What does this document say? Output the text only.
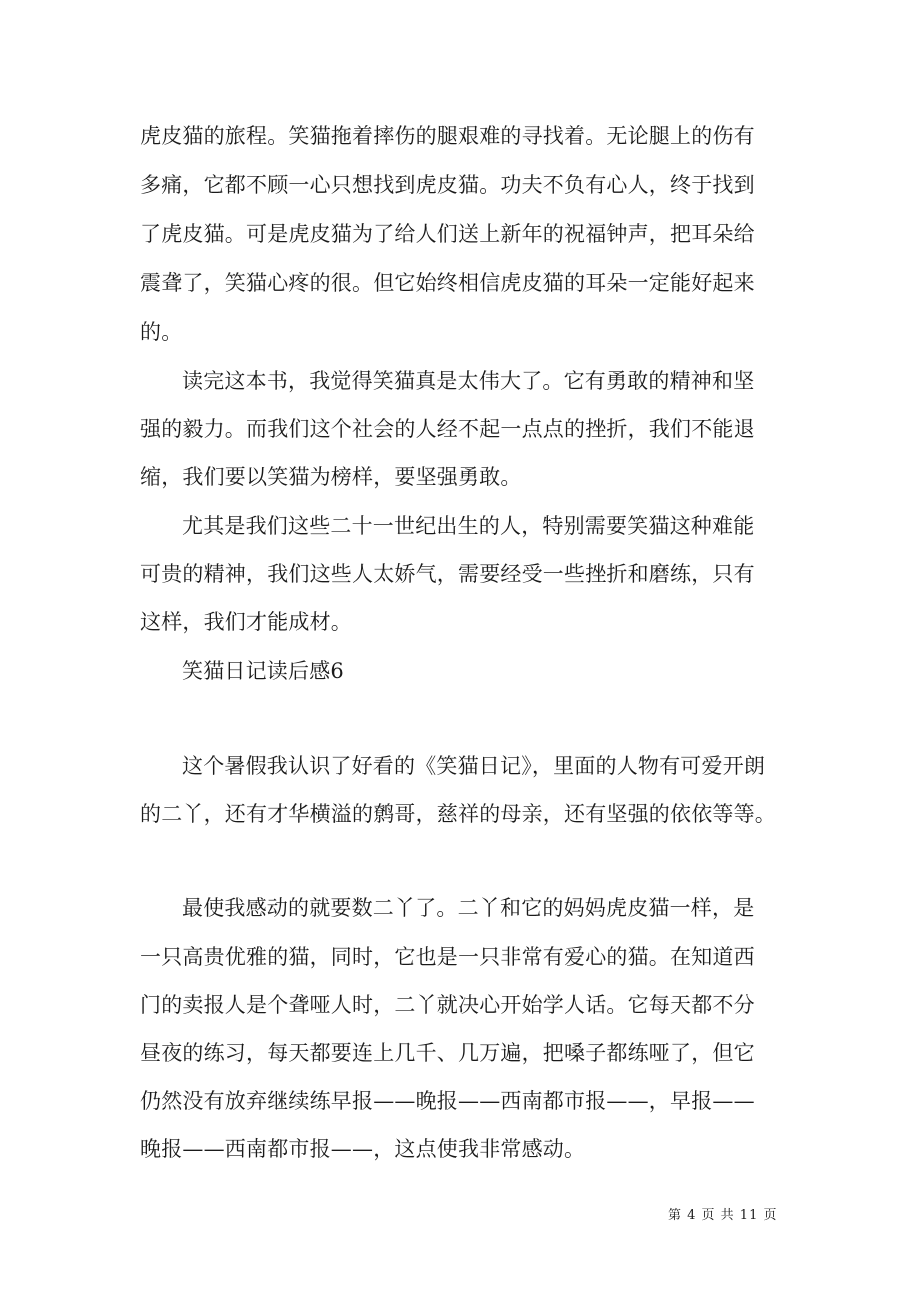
虎皮猫的旅程。笑猫拖着摔伤的腿艰难的寻找着。无论腿上的伤有
多痛，它都不顾一心只想找到虎皮猫。功夫不负有心人，终于找到
了虎皮猫。可是虎皮猫为了给人们送上新年的祝福钟声，把耳朵给
震聋了，笑猫心疼的很。但它始终相信虎皮猫的耳朵一定能好起来
的。
读完这本书，我觉得笑猫真是太伟大了。它有勇敢的精神和坚
强的毅力。而我们这个社会的人经不起一点点的挫折，我们不能退
缩，我们要以笑猫为榜样，要坚强勇敢。
尤其是我们这些二十一世纪出生的人，特别需要笑猫这种难能
可贵的精神，我们这些人太娇气，需要经受一些挫折和磨练，只有
这样，我们才能成材。
笑猫日记读后感6
这个暑假我认识了好看的《笑猫日记》，里面的人物有可爱开朗
的二丫，还有才华横溢的鹩哥，慈祥的母亲，还有坚强的依依等等。
最使我感动的就要数二丫了。二丫和它的妈妈虎皮猫一样，是
一只高贵优雅的猫，同时，它也是一只非常有爱心的猫。在知道西
门的卖报人是个聋哑人时，二丫就决心开始学人话。它每天都不分
昼夜的练习，每天都要连上几千、几万遍，把嗓子都练哑了，但它
仍然没有放弃继续练早报——晚报——西南都市报——，早报——
晚报——西南都市报——，这点使我非常感动。
第 4 页 共 11 页
